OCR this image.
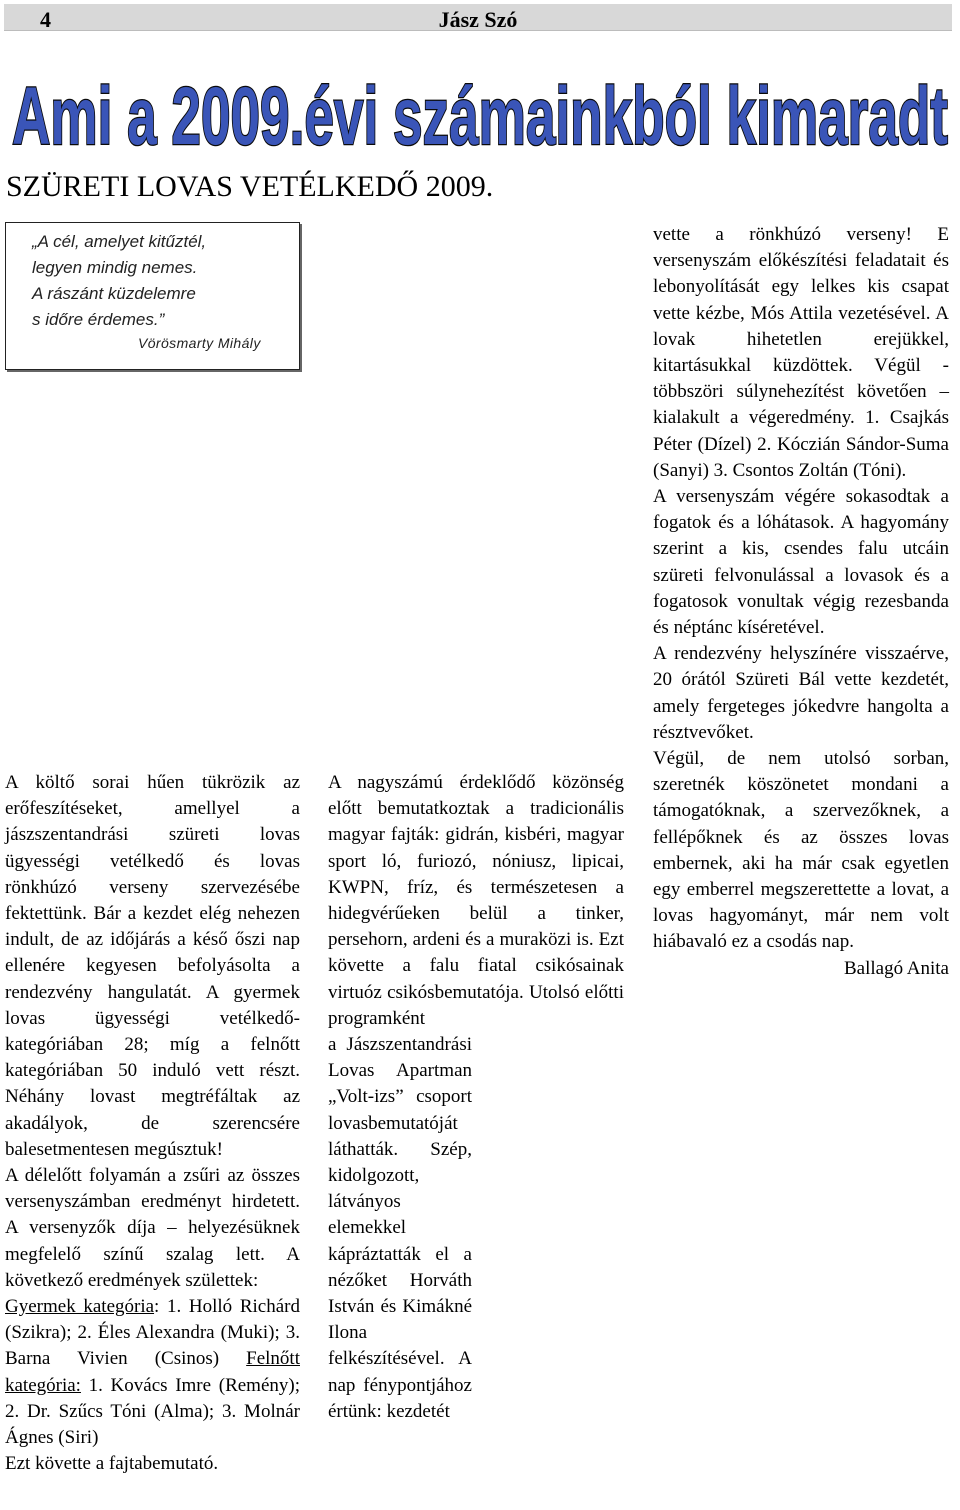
4	Jász Szó
Ami a 2009.évi számainkból kimaradt
SZÜRETI LOVAS VETÉLKEDŐ 2009.
„A cél, amelyet kitűztél,
legyen mindig nemes.
A rászánt küzdelemre
s időre érdemes.”
Vörösmarty Mihály

A költő sorai hűen tükrözik az erőfeszítéseket, amellyel a jászszentandrási szüreti lovas ügyességi vetélkedő és lovas rönkhúzó verseny szervezésébe fektettünk. Bár a kezdet elég nehezen indult, de az időjárás a késő őszi nap ellenére kegyesen befolyásolta a rendezvény hangulatát. A gyermek lovas ügyességi vetélkedő-kategóriában 28; míg a felnőtt kategóriában 50 induló vett részt. Néhány lovast megtréfáltak az akadályok, de szerencsére balesetmentesen megúsztuk!

A délelőtt folyamán a zsűri az összes versenyszámban eredményt hirdetett. A versenyzők díja – helyezésüknek megfelelő színű szalag lett. A következő eredmények születtek:

Gyermek kategória: 1. Holló Richárd (Szikra); 2. Éles Alexandra (Muki); 3. Barna Vivien (Csinos) Felnőtt kategória: 1. Kovács Imre (Remény); 2. Dr. Szűcs Tóni (Alma); 3. Molnár Ágnes (Siri)

Ezt követte a fajtabemutató.

A nagyszámú érdeklődő közönség előtt bemutatkoztak a tradicionális magyar fajták: gidrán, kisbéri, magyar sport ló, furiozó, nóniusz, lipicai, KWPN, fríz, és természetesen a hidegvérűeken belül a tinker, persehorn, ardeni és a muraközi is. Ezt követte a falu fiatal csikósainak virtuóz csikósbemutatója. Utolsó előtti programként

a Jászszentandrási Lovas Apartman „Volt-izs” csoport lovasbemutatóját láthatták. Szép, kidolgozott, látványos elemekkel kápráztatták el a nézőket Horváth István és Kimákné Ilona felkészítésével. A nap fénypontjához értünk: kezdetét

vette a rönkhúzó verseny! E versenyszám előkészítési feladatait és lebonyolítását egy lelkes kis csapat vette kézbe, Mós Attila vezetésével. A lovak hihetetlen erejükkel, kitartásukkal küzdöttek. Végül - többszöri súlynehezítést követően – kialakult a végeredmény. 1. Csajkás Péter (Dízel) 2. Kóczián Sándor-Suma (Sanyi) 3. Csontos Zoltán (Tóni).

A versenyszám végére sokasodtak a fogatok és a lóhátasok. A hagyomány szerint a kis, csendes falu utcáin szüreti felvonulással a lovasok és a fogatosok vonultak végig rezesbanda és néptánc kíséretével.

A rendezvény helyszínére visszaérve, 20 órától Szüreti Bál vette kezdetét, amely fergeteges jókedvre hangolta a résztvevőket.

Végül, de nem utolsó sorban, szeretnék köszönetet mondani a támogatóknak, a szervezőknek, a fellépőknek és az összes lovas embernek, aki ha már csak egyetlen egy emberrel megszerettette a lovat, a lovas hagyományt, már nem volt hiábavaló ez a csodás nap.

Ballagó Anita
